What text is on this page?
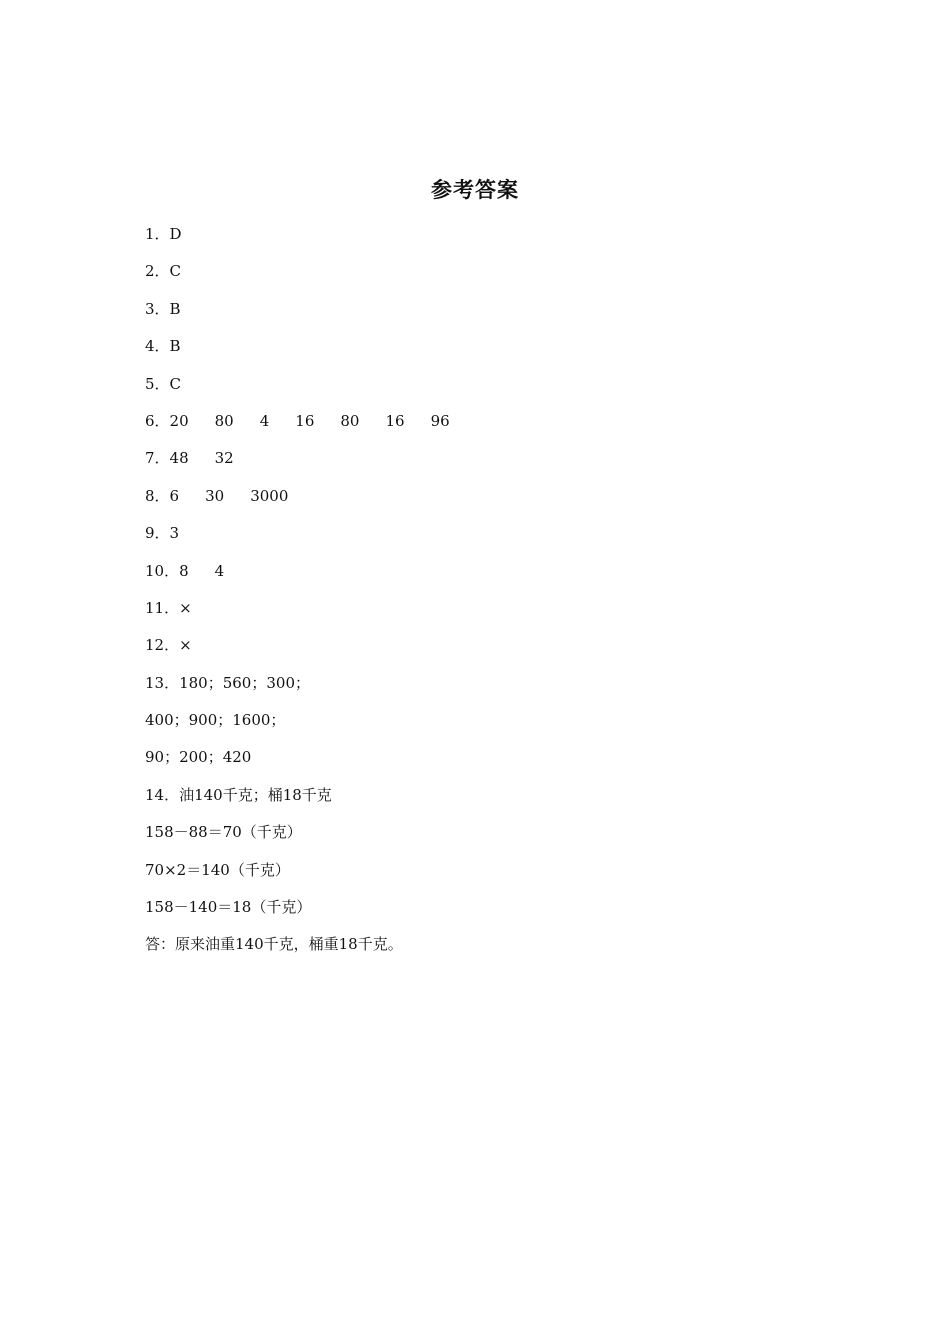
参考答案
1．D
2．C
3．B
4．B
5．C
6．20 80 4 16 80 16 96
7．48 32
8．6 30 3000
9．3
10．8 4
11．×
12．×
13．180；560；300；
400；900；1600；
90；200；420
14．油140千克；桶18千克
158－88＝70（千克）
70×2＝140（千克）
158－140＝18（千克）
答：原来油重140千克，桶重18千克。
